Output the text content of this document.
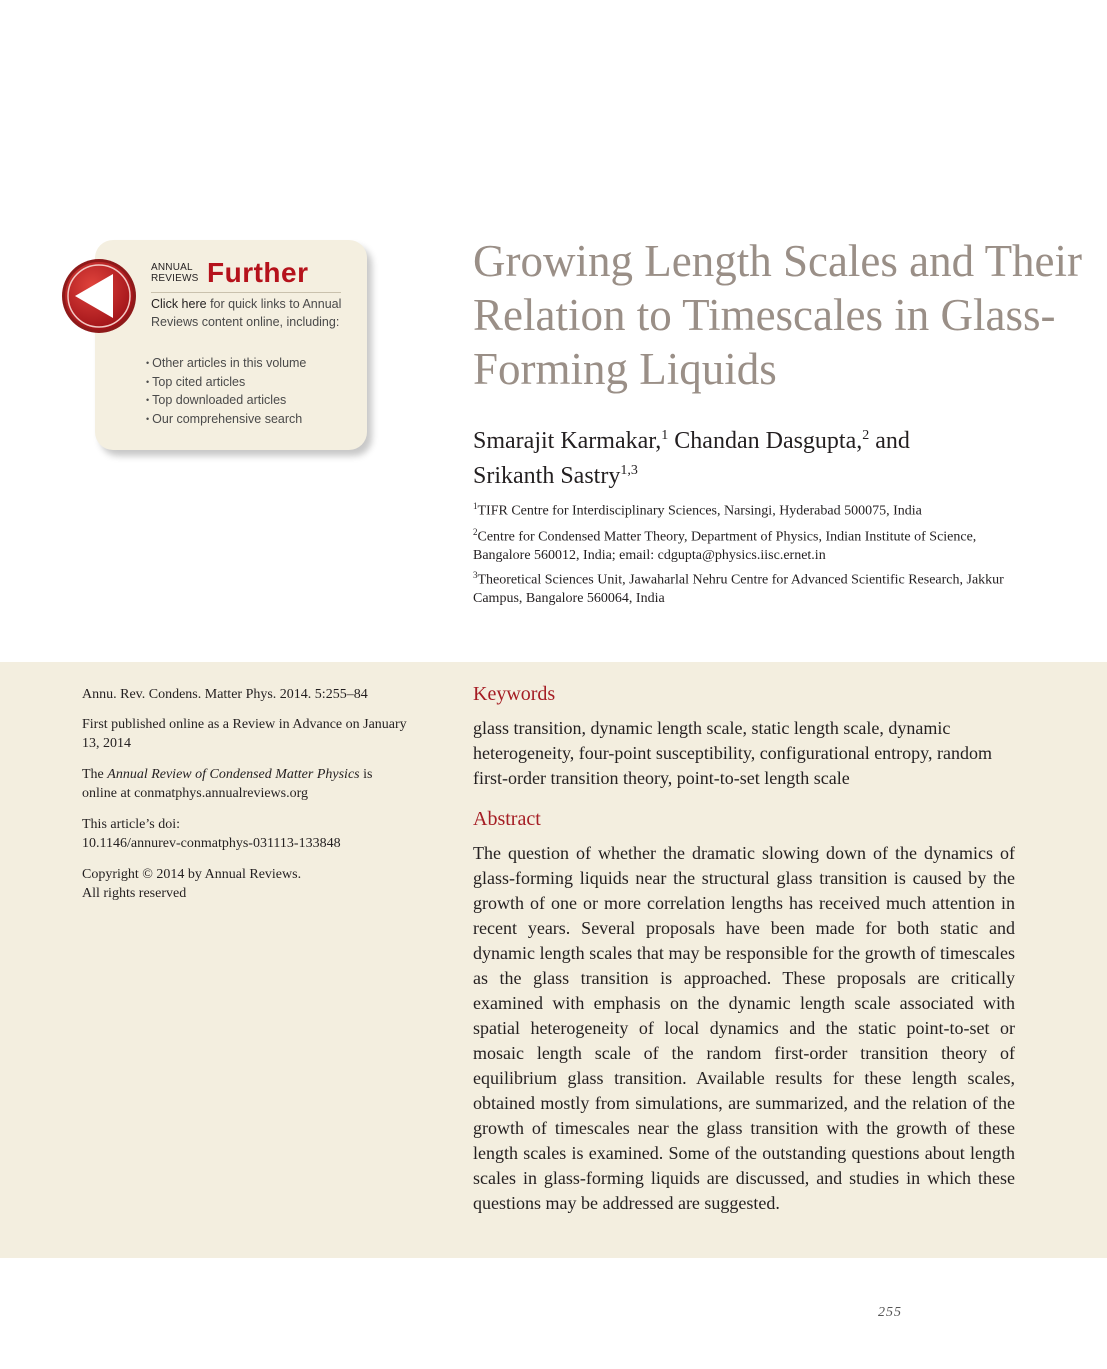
ANNUAL
REVIEWS Further
Click here for quick links to Annual Reviews content online, including:
• Other articles in this volume
• Top cited articles
• Top downloaded articles
• Our comprehensive search
Growing Length Scales and Their Relation to Timescales in Glass-Forming Liquids
Smarajit Karmakar,$^1$ Chandan Dasgupta,$^2$ and
Srikanth Sastry$^{1,3}$
$^1$TIFR Centre for Interdisciplinary Sciences, Narsingi, Hyderabad 500075, India
$^2$Centre for Condensed Matter Theory, Department of Physics, Indian Institute of Science, Bangalore 560012, India; email: cdgupta@physics.iisc.ernet.in
$^3$Theoretical Sciences Unit, Jawaharlal Nehru Centre for Advanced Scientific Research, Jakkur Campus, Bangalore 560064, India
Annu. Rev. Condens. Matter Phys. 2014. 5:255–84
First published online as a Review in Advance on January 13, 2014
The Annual Review of Condensed Matter Physics is online at conmatphys.annualreviews.org
This article’s doi:
10.1146/annurev-conmatphys-031113-133848
Copyright © 2014 by Annual Reviews.
All rights reserved
Keywords
glass transition, dynamic length scale, static length scale, dynamic heterogeneity, four-point susceptibility, configurational entropy, random first-order transition theory, point-to-set length scale
Abstract

The question of whether the dramatic slowing down of the dynamics of glass-forming liquids near the structural glass transition is caused by the growth of one or more correlation lengths has received much attention in recent years. Several proposals have been made for both static and dynamic length scales that may be responsible for the growth of timescales as the glass transition is approached. These proposals are critically examined with emphasis on the dynamic length scale associated with spatial heterogeneity of local dynamics and the static point-to-set or mosaic length scale of the random first-order transition theory of equilibrium glass transition. Available results for these length scales, obtained mostly from simulations, are summarized, and the relation of the growth of timescales near the glass transition with the growth of these length scales is examined. Some of the outstanding questions about length scales in glass-forming liquids are discussed, and studies in which these questions may be addressed are suggested.

255
